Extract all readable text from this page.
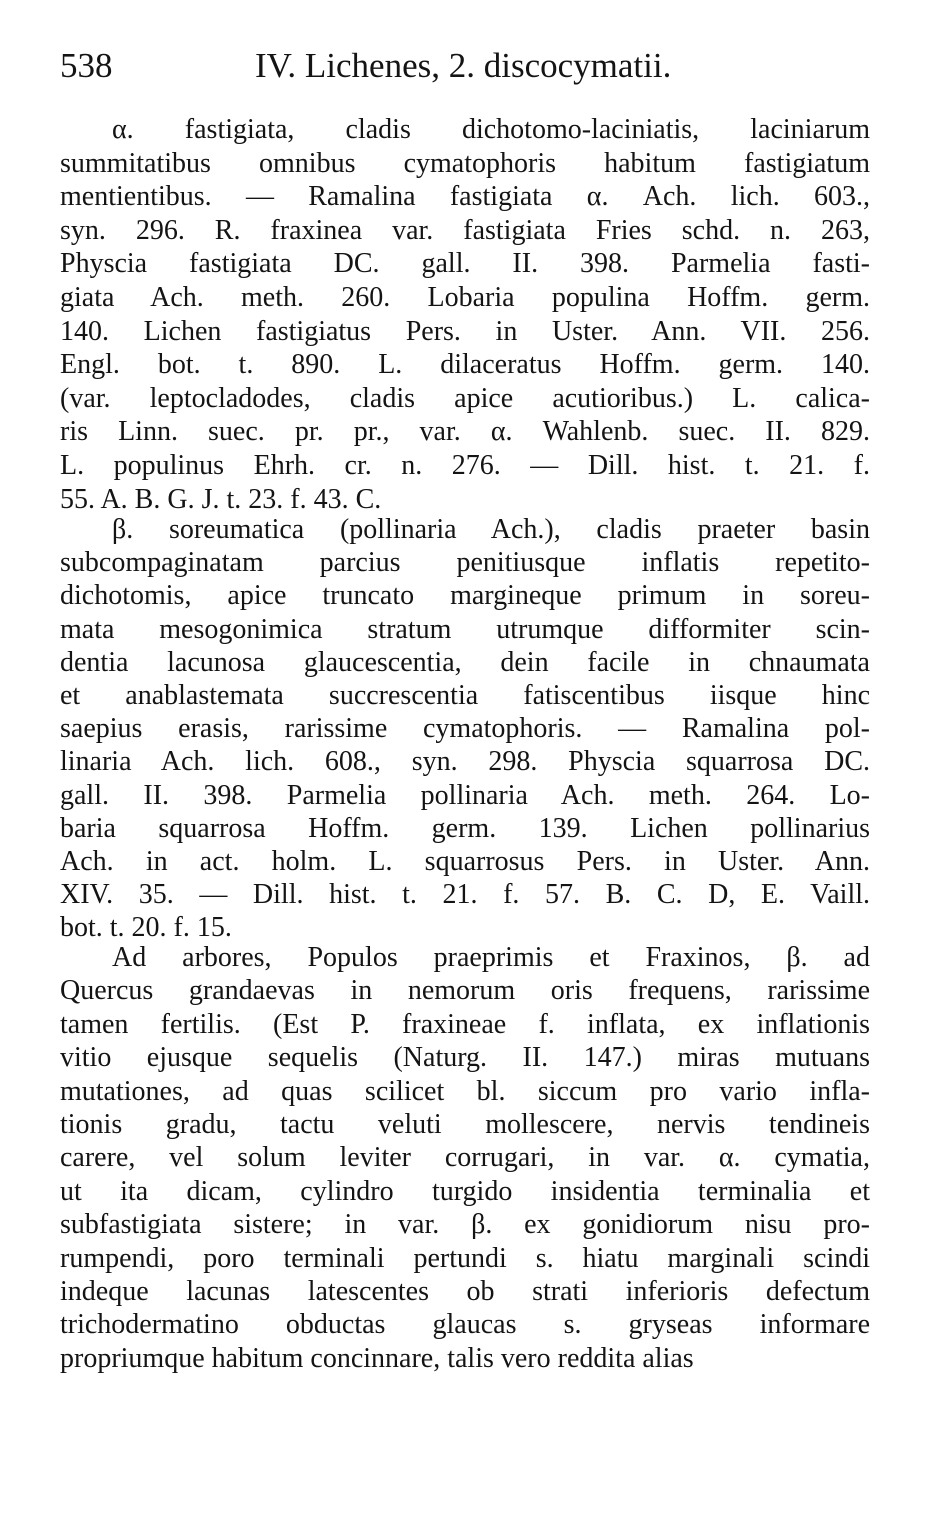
538	IV. Lichenes, 2. discocymatii.
α. fastigiata, cladis dichotomo-laciniatis, laciniarum
summitatibus omnibus cymatophoris habitum fastigiatum
mentientibus. — Ramalina fastigiata α. Ach. lich. 603.,
syn. 296. R. fraxinea var. fastigiata Fries schd. n. 263,
Physcia fastigiata DC. gall. II. 398. Parmelia fasti-
giata Ach. meth. 260. Lobaria populina Hoffm. germ.
140. Lichen fastigiatus Pers. in Uster. Ann. VII. 256.
Engl. bot. t. 890. L. dilaceratus Hoffm. germ. 140.
(var. leptocladodes, cladis apice acutioribus.) L. calica-
ris Linn. suec. pr. pr., var. α. Wahlenb. suec. II. 829.
L. populinus Ehrh. cr. n. 276. — Dill. hist. t. 21. f.
55. A. B. G. J. t. 23. f. 43. C.
β. soreumatica (pollinaria Ach.), cladis praeter basin
subcompaginatam parcius penitiusque inflatis repetito-
dichotomis, apice truncato margineque primum in soreu-
mata mesogonimica stratum utrumque difformiter scin-
dentia lacunosa glaucescentia, dein facile in chnaumata
et anablastemata succrescentia fatiscentibus iisque hinc
saepius erasis, rarissime cymatophoris. — Ramalina pol-
linaria Ach. lich. 608., syn. 298. Physcia squarrosa DC.
gall. II. 398. Parmelia pollinaria Ach. meth. 264. Lo-
baria squarrosa Hoffm. germ. 139. Lichen pollinarius
Ach. in act. holm. L. squarrosus Pers. in Uster. Ann.
XIV. 35. — Dill. hist. t. 21. f. 57. B. C. D, E. Vaill.
bot. t. 20. f. 15.
Ad arbores, Populos praeprimis et Fraxinos, β. ad
Quercus grandaevas in nemorum oris frequens, rarissime
tamen fertilis. (Est P. fraxineae f. inflata, ex inflationis
vitio ejusque sequelis (Naturg. II. 147.) miras mutuans
mutationes, ad quas scilicet bl. siccum pro vario infla-
tionis gradu, tactu veluti mollescere, nervis tendineis
carere, vel solum leviter corrugari, in var. α. cymatia,
ut ita dicam, cylindro turgido insidentia terminalia et
subfastigiata sistere; in var. β. ex gonidiorum nisu pro-
rumpendi, poro terminali pertundi s. hiatu marginali scindi
indeque lacunas latescentes ob strati inferioris defectum
trichodermatino obductas glaucas s. gryseas informare
propriumque habitum concinnare, talis vero reddita alias
